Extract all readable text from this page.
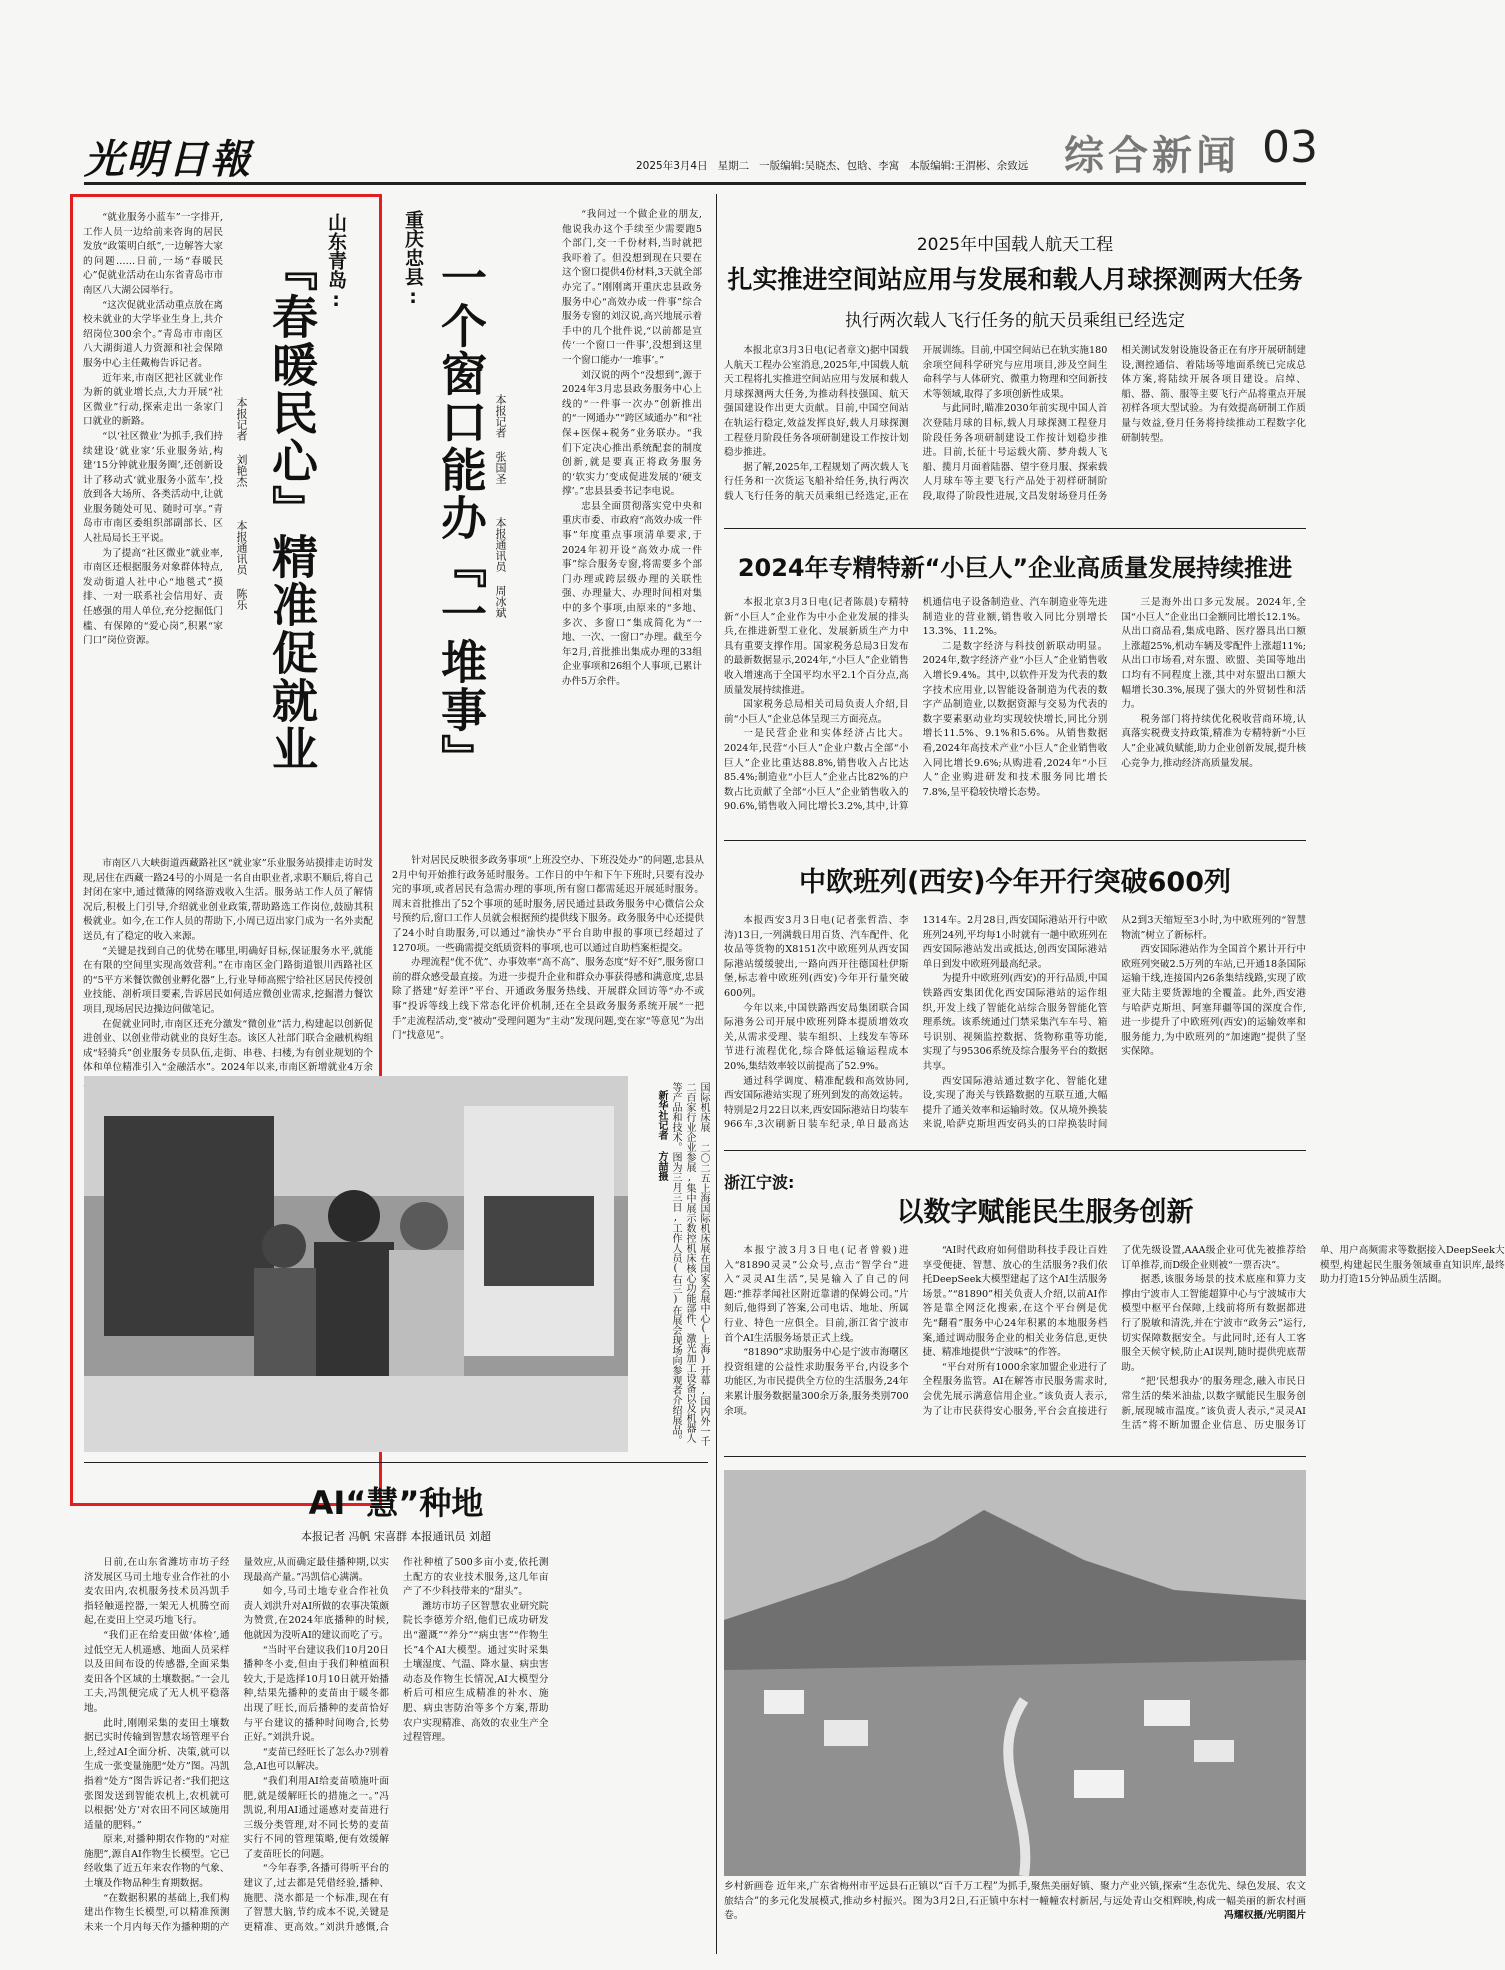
光明日報	2025年3月4日 星期二 一版编辑:吴晓杰、包晗、李寓 本版编辑:王渭彬、余致远 综合新闻 03
山东青岛:
『春暖民心』精准促就业
本报记者 刘艳杰 本报通讯员 陈乐

“就业服务小蓝车”一字排开,工作人员一边给前来咨询的居民发放“政策明白纸”,一边解答大家的问题……日前,一场“春暖民心”促就业活动在山东省青岛市市南区八大湖公园举行。

“这次促就业活动重点放在离校未就业的大学毕业生身上,共介绍岗位300余个。”青岛市市南区八大湖街道人力资源和社会保障服务中心主任戴梅告诉记者。

近年来,市南区把社区就业作为新的就业增长点,大力开展“社区微业”行动,探索走出一条家门口就业的新路。

“以‘社区微业’为抓手,我们持续建设‘就业家’乐业服务站,构建‘15分钟就业服务圈’,还创新设计了移动式‘就业服务小蓝车’,投放到各大场所、各类活动中,让就业服务随处可见、随时可享。”青岛市市南区委组织部副部长、区人社局局长王平说。

为了提高“社区微业”就业率,市南区还根据服务对象群体特点,发动街道人社中心“地毯式”摸排、一对一联系社会信用好、责任感强的用人单位,充分挖掘低门槛、有保障的“爱心岗”,积累“家门口”岗位资源。

市南区八大峡街道西藏路社区“就业家”乐业服务站摸排走访时发现,居住在西藏一路24号的小周是一名自由职业者,求职不顺后,将自己封闭在家中,通过微薄的网络游戏收入生活。服务站工作人员了解情况后,积极上门引导,介绍就业创业政策,帮助路选工作岗位,鼓励其积极就业。如今,在工作人员的帮助下,小周已迈出家门成为一名外卖配送员,有了稳定的收入来源。

“关键是找到自己的优势在哪里,明确好目标,保证服务水平,就能在有限的空间里实现高效营利。”在市南区金门路街道银川西路社区的“5平方米餐饮微创业孵化器”上,行业导师高熙宁给社区居民传授创业技能、剖析项目要素,告诉居民如何适应微创业需求,挖掘潜力餐饮项目,现场居民边操边问做笔记。

在促就业同时,市南区还充分激发“微创业”活力,构建起以创新促进创业、以创业带动就业的良好生态。该区人社部门联合金融机构组成“轻骑兵”创业服务专员队伍,走街、串巷、扫楼,为有创业规划的个体和单位精准引入“金融活水”。2024年以来,市南区新增就业4万余

重庆忠县: 一个窗口能办『一堆事』 本报记者 张国圣 本报通讯员 周冰斌

“我问过一个做企业的朋友,他说我办这个手续至少需要跑5个部门,交一千份材料,当时就把我吓着了。但没想到现在只要在这个窗口提供4份材料,3天就全部办完了。”刚刚离开重庆忠县政务服务中心“高效办成一件事”综合服务专窗的刘汉说,高兴地展示着手中的几个批件说,“以前都是宣传‘一个窗口一件事’,没想到这里一个窗口能办‘一堆事’。”

刘汉说的两个“没想到”,源于2024年3月忠县政务服务中心上线的“一件事一次办”创新推出的“一网通办”“跨区域通办”和“社保+医保+税务”业务联办。“我们下定决心推出系统配套的制度创新,就是要真正将政务服务的‘软实力’变成促进发展的‘硬支撑’。”忠县县委书记李电说。

忠县全面贯彻落实党中央和重庆市委、市政府“高效办成一件事”年度重点事项清单要求,于2024年初开设“高效办成一件事”综合服务专窗,将需要多个部门办理或跨层级办理的关联性强、办理量大、办理时间相对集中的多个事项,由原来的“多地、多次、多窗口”集成简化为“一地、一次、一窗口”办理。截至今年2月,首批推出集成办理的33组企业事项和26组个人事项,已累计办件5万余件。

针对居民反映很多政务事项“上班没空办、下班没处办”的问题,忠县从2月中旬开始推行政务延时服务。工作日的中午和下午下班时,只要有没办完的事项,或者居民有急需办理的事项,所有窗口都需延迟开展延时服务。周末首批推出了52个事项的延时服务,居民通过县政务服务中心微信公众号预约后,窗口工作人员就会根据预约提供线下服务。政务服务中心还提供了24小时自助服务,可以通过“渝快办”平台自助申报的事项已经超过了1270项。一些确需提交纸质资料的事项,也可以通过自助档案柜提交。

办理流程“优不优”、办事效率“高不高”、服务态度“好不好”,服务窗口前的群众感受最直接。为进一步提升企业和群众办事获得感和满意度,忠县除了搭建“好差评”平台、开通政务服务热线、开展群众回访等“办不或事”投诉等线上线下常态化评价机制,还在全县政务服务系统开展“一把手”走流程活动,变“被动”受理问题为“主动”发现问题,变在家“等意见”为出门“找意见”。

国际机床展 二〇二五上海国际机床展在国家会展中心(上海)开幕,国内外一千二百家行业企业参展,集中展示数控机床核心功能部件、激光加工设备以及机器人等产品和技术。图为三月三日,工作人员(右三)在展会现场向参观者介绍展品。 新华社记者 方喆摄
AI“慧”种地
本报记者 冯帆 宋喜群 本报通讯员 刘超

日前,在山东省潍坊市坊子经济发展区马司土地专业合作社的小麦农田内,农机服务技术员冯凯手指轻触遥控器,一架无人机腾空而起,在麦田上空灵巧地飞行。

“我们正在给麦田做‘体检’,通过低空无人机遥感、地面人员采样以及田间布设的传感器,全面采集麦田各个区域的土壤数据。”一会儿工夫,冯凯便完成了无人机平稳落地。

此时,刚刚采集的麦田土壤数据已实时传输到智慧农场管理平台上,经过AI全面分析、决策,就可以生成一张变量施肥“处方”图。冯凯指着“处方”图告诉记者:“我们把这张图发送到智能农机上,农机就可以根据‘处方’对农田不同区域施用适量的肥料。”

原来,对播种期农作物的“对症施肥”,源自AI作物生长模型。它已经收集了近五年来农作物的气象、土壤及作物品种生育期数据。

“在数据积累的基础上,我们构建出作物生长模型,可以精准预测未来一个月内每天作为播种期的产量效应,从而确定最佳播种期,以实现最高产量。”冯凯信心满满。

如今,马司土地专业合作社负责人刘洪升对AI所做的农事决策颇为赞赏,在2024年底播种的时候,他就因为没听AI的建议而吃了亏。

“当时平台建议我们10月20日播种冬小麦,但由于我们种植面积较大,于是选择10月10日就开始播种,结果先播种的麦苗由于暖冬都出现了旺长,而后播种的麦苗恰好与平台建议的播种时间吻合,长势正好。”刘洪升说。

“麦苗已经旺长了怎么办?别着急,AI也可以解决。

“我们利用AI给麦苗喷施叶面肥,就是缓解旺长的措施之一。”冯凯说,利用AI通过遥感对麦苗进行三级分类管理,对不同长势的麦苗实行不同的管理策略,便有效缓解了麦苗旺长的问题。

“今年春季,各播可得听平台的建议了,过去都是凭借经验,播种、施肥、浇水都是一个标准,现在有了智慧大脑,节约成本不说,关键是更精准、更高效。”刘洪升感慨,合作社种植了500多亩小麦,依托测土配方的农业技术服务,这几年亩产了不少科技带来的“甜头”。

潍坊市坊子区智慧农业研究院院长李德芳介绍,他们已成功研发出“灌溉”“养分”“病虫害”“作物生长”4个AI大模型。通过实时采集土壤湿度、气温、降水量、病虫害动态及作物生长情况,AI大模型分析后可相应生成精准的补水、施肥、病虫害防治等多个方案,帮助农户实现精准、高效的农业生产全过程管理。

2025年中国载人航天工程
扎实推进空间站应用与发展和载人月球探测两大任务
执行两次载人飞行任务的航天员乘组已经选定

本报北京3月3日电(记者章文)据中国载人航天工程办公室消息,2025年,中国载人航天工程将扎实推进空间站应用与发展和载人月球探测两大任务,为推动科技强国、航天强国建设作出更大贡献。目前,中国空间站在轨运行稳定,效益发挥良好,载人月球探测工程登月阶段任务各项研制建设工作按计划稳步推进。

据了解,2025年,工程规划了两次载人飞行任务和一次货运飞船补给任务,执行两次载人飞行任务的航天员乘组已经选定,正在开展训练。目前,中国空间站已在轨实施180余项空间科学研究与应用项目,涉及空间生命科学与人体研究、微重力物理和空间新技术等领域,取得了多项创新性成果。

与此同时,瞄准2030年前实现中国人首次登陆月球的目标,载人月球探测工程登月阶段任务各项研制建设工作按计划稳步推进。目前,长征十号运载火箭、梦舟载人飞船、揽月月面着陆器、望宇登月服、探索载人月球车等主要飞行产品处于初样研制阶段,取得了阶段性进展,文昌发射场登月任务相关测试发射设施设备正在有序开展研制建设,测控通信、着陆场等地面系统已完成总体方案,将陆续开展各项目建设。启绰、船、器、箭、服等主要飞行产品将重点开展初样各项大型试验。为有效提高研制工作质量与效益,登月任务将持续推动工程数字化研制转型。

2024年专精特新“小巨人”企业高质量发展持续推进

本报北京3月3日电(记者陈晨)专精特新“小巨人”企业作为中小企业发展的排头兵,在推进新型工业化、发展新质生产力中具有重要支撑作用。国家税务总局3日发布的最新数据显示,2024年,“小巨人”企业销售收入增速高于全国平均水平2.1个百分点,高质量发展持续推进。

国家税务总局相关司局负责人介绍,目前“小巨人”企业总体呈现三方面亮点。

一是民营企业和实体经济占比大。2024年,民营“小巨人”企业户数占全部“小巨人”企业比重达88.8%,销售收入占比达85.4%;制造业“小巨人”企业占比82%的户数占比贡献了全部“小巨人”企业销售收入的90.6%,销售收入同比增长3.2%,其中,计算机通信电子设备制造业、汽车制造业等先进制造业的营业额,销售收入同比分别增长13.3%、11.2%。

二是数字经济与科技创新联动明显。2024年,数字经济产业“小巨人”企业销售收入增长9.4%。其中,以软件开发为代表的数字技术应用业,以智能设备制造为代表的数字产品制造业,以数据资源与交易为代表的数字要素驱动业均实现较快增长,同比分别增长11.5%、9.1%和5.6%。从销售数据看,2024年高技术产业“小巨人”企业销售收入同比增长9.6%;从购进看,2024年“小巨人”企业购进研发和技术服务同比增长7.8%,呈平稳较快增长态势。

三是海外出口多元发展。2024年,全国“小巨人”企业出口金额同比增长12.1%。从出口商品看,集成电路、医疗器具出口额上涨超25%,机动车辆及零配件上涨超11%;从出口市场看,对东盟、欧盟、美国等地出口均有不同程度上涨,其中对东盟出口额大幅增长30.3%,展现了强大的外贸韧性和活力。

税务部门将持续优化税收营商环境,认真落实税费支持政策,精准为专精特新“小巨人”企业减负赋能,助力企业创新发展,提升核心竞争力,推动经济高质量发展。

中欧班列(西安)今年开行突破600列

本报西安3月3日电(记者张哲浩、李涛)13日,一列满载日用百货、汽车配件、化妆品等货物的X8151次中欧班列从西安国际港站缓缓驶出,一路向西开往德国杜伊斯堡,标志着中欧班列(西安)今年开行量突破600列。

今年以来,中国铁路西安局集团联合国际港务公司开展中欧班列降本提质增效攻关,从需求受理、装车组织、上线发车等环节进行流程优化,综合降低运输运程成本20%,集结效率较以前提高了52.9%。

通过科学调度、精准配载和高效协同,西安国际港站实现了班列到发的高效运转。特别是2月22日以来,西安国际港站日均装车966车,3次刷新日装车纪录,单日最高达1314车。2月28日,西安国际港站开行中欧班列24列,平均每1小时就有一趟中欧班列在西安国际港站发出或抵达,创西安国际港站单日到发中欧班列最高纪录。

为提升中欧班列(西安)的开行品质,中国铁路西安集团优化西安国际港站的运作组织,开发上线了智能化站综合服务智能化管理系统。该系统通过门禁采集汽车车号、箱号识别、视频监控数据、货物称重等功能,实现了与95306系统及综合服务平台的数据共享。

西安国际港站通过数字化、智能化建设,实现了海关与铁路数据的互联互通,大幅提升了通关效率和运输时效。仅从境外换装来说,哈萨克斯坦西安码头的口岸换装时间从2到3天缩短至3小时,为中欧班列的“智慧物流”树立了新标杆。

西安国际港站作为全国首个累计开行中欧班列突破2.5万列的车站,已开通18条国际运输干线,连接国内26条集结线路,实现了欧亚大陆主要货源地的全覆盖。此外,西安港与哈萨克斯坦、阿塞拜疆等国的深度合作,进一步提升了中欧班列(西安)的运输效率和服务能力,为中欧班列的“加速跑”提供了坚实保障。

浙江宁波:
以数字赋能民生服务创新

本报宁波3月3日电(记者曾毅)进入“81890灵灵”公众号,点击“智学台”进入“灵灵AI生活”,吴晃输入了自己的问题:“推荐孝闻社区附近靠谱的保姆公司。”片刻后,他得到了答案,公司电话、地址、所属行业、特色一应俱全。目前,浙江省宁波市首个AI生活服务场景正式上线。

“81890”求助服务中心是宁波市海曙区投资组建的公益性求助服务平台,内设多个功能区,为市民提供全方位的生活服务,24年来累计服务数据量300余万条,服务类别700余项。

“AI时代政府如何借助科技手段让百姓享受便捷、智慧、放心的生活服务?我们依托DeepSeek大模型建起了这个AI生活服务场景。”“81890”相关负责人介绍,以前AI作答是靠全网泛化搜索,在这个平台例是优先“翻看”服务中心24年积累的本地服务档案,通过调动服务企业的相关业务信息,更快捷、精准地提供“宁波味”的作答。

“平台对所有1000余家加盟企业进行了全程服务监管。AI在解答市民服务需求时,会优先展示满意信用企业。”该负责人表示,为了让市民获得安心服务,平台会直接进行了优先级设置,AAA级企业可优先被推荐给订单推荐,而D级企业则被“一票否决”。

据悉,该服务场景的技术底座和算力支撑由宁波市人工智能超算中心与宁波城市大模型中枢平台保障,上线前将所有数据都进行了脱敏和清洗,并在宁波市“政务云”运行,切实保障数据安全。与此同时,还有人工客服全天候守候,防止AI误判,随时提供兜底帮助。

“把‘民想我办’的服务理念,融入市民日常生活的柴米油盐,以数字赋能民生服务创新,展现城市温度。”该负责人表示,“灵灵AI生活”将不断加盟企业信息、历史服务订单、用户高频需求等数据接入DeepSeek大模型,构建起民生服务领域垂直知识库,最终助力打造15分钟品质生活圈。

乡村新画卷 近年来,广东省梅州市平远县石正镇以“百千万工程”为抓手,聚焦美丽好镇、聚力产业兴镇,探索“生态优先、绿色发展、农文旅结合”的多元化发展模式,推动乡村振兴。图为3月2日,石正镇中东村一幢幢农村新居,与远处青山交相辉映,构成一幅美丽的新农村画卷。	冯耀权摄/光明图片
